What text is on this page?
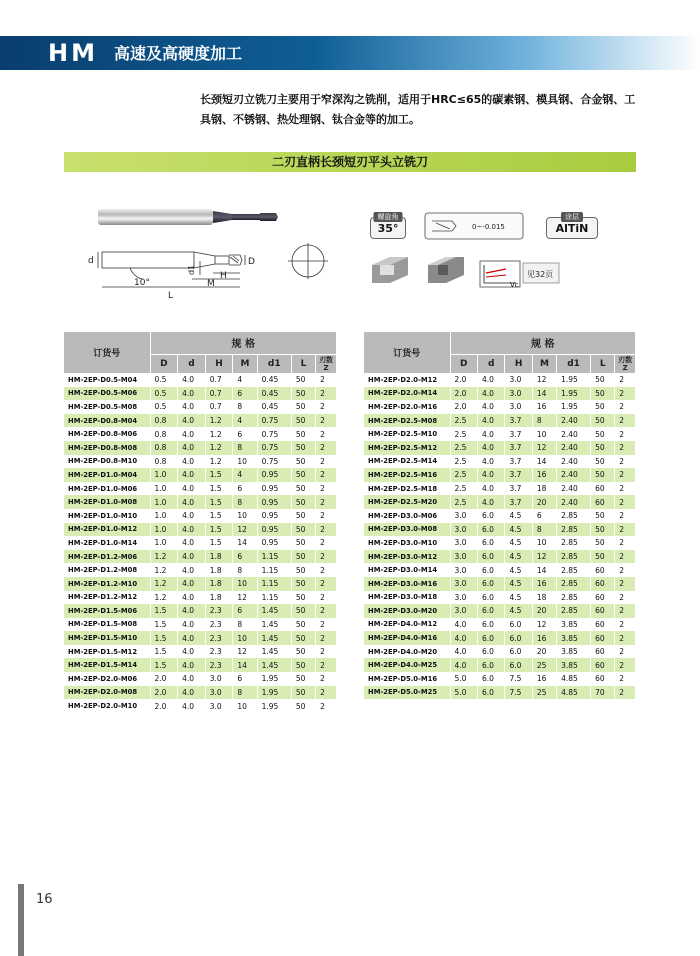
HM 高速及高硬度加工
长颈短刃立铣刀主要用于窄深沟之铣削，适用于HRC≤65的碳素钢、模具钢、合金钢、工具钢、不锈钢、热处理钢、钛合金等的加工。
二刃直柄长颈短刃平头立铣刀
10°
d
d1
H
M
L
D
0~-0.015
Vc
见32页
螺旋角
35°
涂层
AlTiN
订货号	规 格						
	D	d	H	M	d1	L	刃数
Z
HM-2EP-D0.5-M04	0.5	4.0	0.7	4	0.45	50	2
HM-2EP-D0.5-M06	0.5	4.0	0.7	6	0.45	50	2
HM-2EP-D0.5-M08	0.5	4.0	0.7	8	0.45	50	2
HM-2EP-D0.8-M04	0.8	4.0	1.2	4	0.75	50	2
HM-2EP-D0.8-M06	0.8	4.0	1.2	6	0.75	50	2
HM-2EP-D0.8-M08	0.8	4.0	1.2	8	0.75	50	2
HM-2EP-D0.8-M10	0.8	4.0	1.2	10	0.75	50	2
HM-2EP-D1.0-M04	1.0	4.0	1.5	4	0.95	50	2
HM-2EP-D1.0-M06	1.0	4.0	1.5	6	0.95	50	2
HM-2EP-D1.0-M08	1.0	4.0	1.5	8	0.95	50	2
HM-2EP-D1.0-M10	1.0	4.0	1.5	10	0.95	50	2
HM-2EP-D1.0-M12	1.0	4.0	1.5	12	0.95	50	2
HM-2EP-D1.0-M14	1.0	4.0	1.5	14	0.95	50	2
HM-2EP-D1.2-M06	1.2	4.0	1.8	6	1.15	50	2
HM-2EP-D1.2-M08	1.2	4.0	1.8	8	1.15	50	2
HM-2EP-D1.2-M10	1.2	4.0	1.8	10	1.15	50	2
HM-2EP-D1.2-M12	1.2	4.0	1.8	12	1.15	50	2
HM-2EP-D1.5-M06	1.5	4.0	2.3	6	1.45	50	2
HM-2EP-D1.5-M08	1.5	4.0	2.3	8	1.45	50	2
HM-2EP-D1.5-M10	1.5	4.0	2.3	10	1.45	50	2
HM-2EP-D1.5-M12	1.5	4.0	2.3	12	1.45	50	2
HM-2EP-D1.5-M14	1.5	4.0	2.3	14	1.45	50	2
HM-2EP-D2.0-M06	2.0	4.0	3.0	6	1.95	50	2
HM-2EP-D2.0-M08	2.0	4.0	3.0	8	1.95	50	2
HM-2EP-D2.0-M10	2.0	4.0	3.0	10	1.95	50	2
订货号	规 格						
	D	d	H	M	d1	L	刃数
Z
HM-2EP-D2.0-M12	2.0	4.0	3.0	12	1.95	50	2
HM-2EP-D2.0-M14	2.0	4.0	3.0	14	1.95	50	2
HM-2EP-D2.0-M16	2.0	4.0	3.0	16	1.95	50	2
HM-2EP-D2.5-M08	2.5	4.0	3.7	8	2.40	50	2
HM-2EP-D2.5-M10	2.5	4.0	3.7	10	2.40	50	2
HM-2EP-D2.5-M12	2.5	4.0	3.7	12	2.40	50	2
HM-2EP-D2.5-M14	2.5	4.0	3.7	14	2.40	50	2
HM-2EP-D2.5-M16	2.5	4.0	3.7	16	2.40	50	2
HM-2EP-D2.5-M18	2.5	4.0	3.7	18	2.40	60	2
HM-2EP-D2.5-M20	2.5	4.0	3.7	20	2.40	60	2
HM-2EP-D3.0-M06	3.0	6.0	4.5	6	2.85	50	2
HM-2EP-D3.0-M08	3.0	6.0	4.5	8	2.85	50	2
HM-2EP-D3.0-M10	3.0	6.0	4.5	10	2.85	50	2
HM-2EP-D3.0-M12	3.0	6.0	4.5	12	2.85	50	2
HM-2EP-D3.0-M14	3.0	6.0	4.5	14	2.85	60	2
HM-2EP-D3.0-M16	3.0	6.0	4.5	16	2.85	60	2
HM-2EP-D3.0-M18	3.0	6.0	4.5	18	2.85	60	2
HM-2EP-D3.0-M20	3.0	6.0	4.5	20	2.85	60	2
HM-2EP-D4.0-M12	4.0	6.0	6.0	12	3.85	60	2
HM-2EP-D4.0-M16	4.0	6.0	6.0	16	3.85	60	2
HM-2EP-D4.0-M20	4.0	6.0	6.0	20	3.85	60	2
HM-2EP-D4.0-M25	4.0	6.0	6.0	25	3.85	60	2
HM-2EP-D5.0-M16	5.0	6.0	7.5	16	4.85	60	2
HM-2EP-D5.0-M25	5.0	6.0	7.5	25	4.85	70	2
16
